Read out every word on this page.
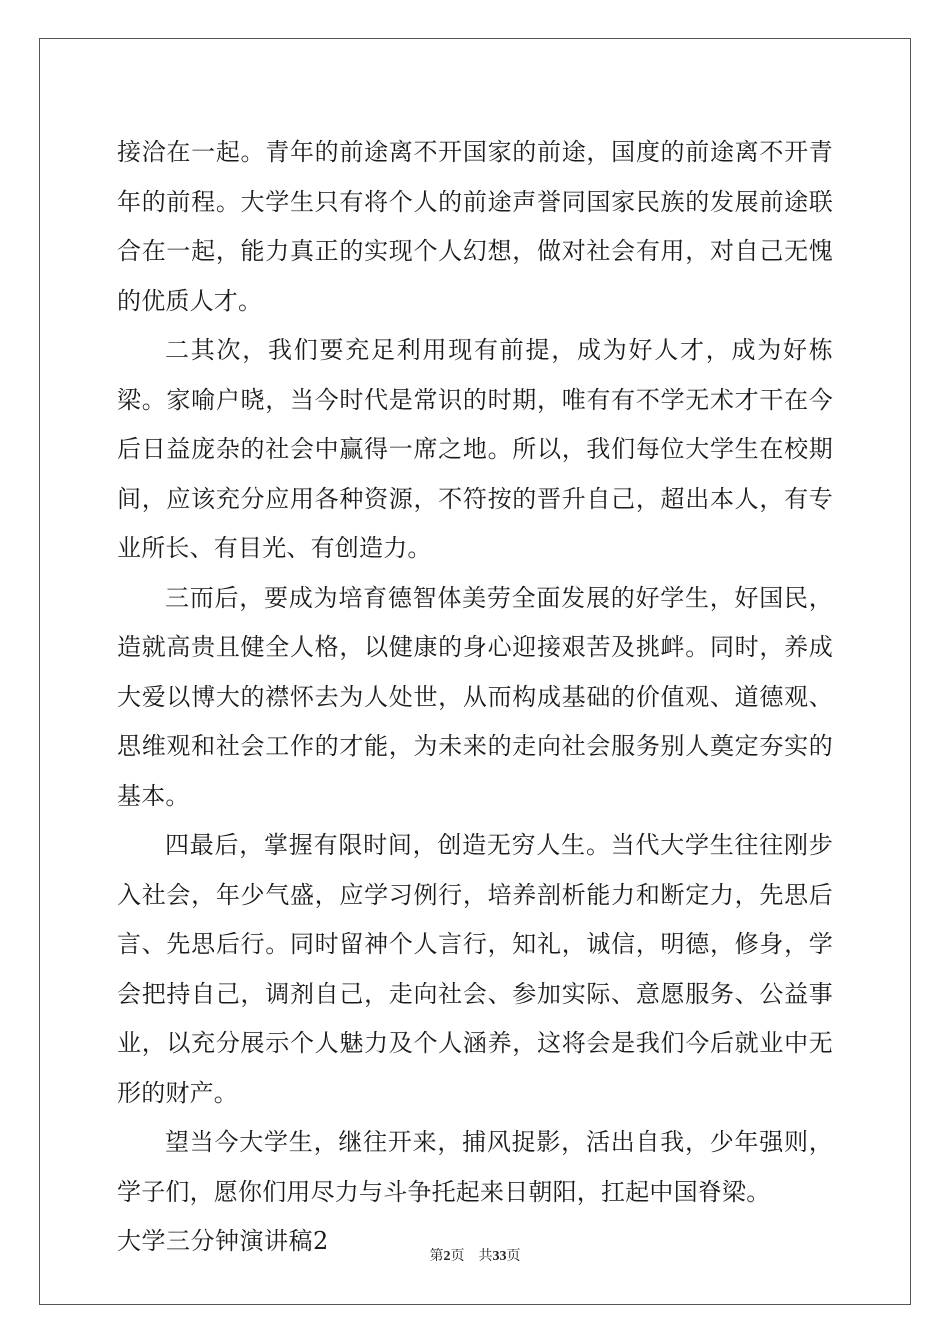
接洽在一起。青年的前途离不开国家的前途，国度的前途离不开青年的前程。大学生只有将个人的前途声誉同国家民族的发展前途联合在一起，能力真正的实现个人幻想，做对社会有用，对自己无愧的优质人才。

二其次，我们要充足利用现有前提，成为好人才，成为好栋梁。家喻户晓，当今时代是常识的时期，唯有有不学无术才干在今后日益庞杂的社会中赢得一席之地。所以，我们每位大学生在校期间，应该充分应用各种资源，不符按的晋升自己，超出本人，有专业所长、有目光、有创造力。

三而后，要成为培育德智体美劳全面发展的好学生，好国民，造就高贵且健全人格，以健康的身心迎接艰苦及挑衅。同时，养成大爱以博大的襟怀去为人处世，从而构成基础的价值观、道德观、思维观和社会工作的才能，为未来的走向社会服务别人奠定夯实的基本。

四最后，掌握有限时间，创造无穷人生。当代大学生往往刚步入社会，年少气盛，应学习例行，培养剖析能力和断定力，先思后言、先思后行。同时留神个人言行，知礼，诚信，明德，修身，学会把持自己，调剂自己，走向社会、参加实际、意愿服务、公益事业，以充分展示个人魅力及个人涵养，这将会是我们今后就业中无形的财产。

望当今大学生，继往开来，捕风捉影，活出自我，少年强则，学子们，愿你们用尽力与斗争托起来日朝阳，扛起中国脊梁。

大学三分钟演讲稿2

第2页 共33页
